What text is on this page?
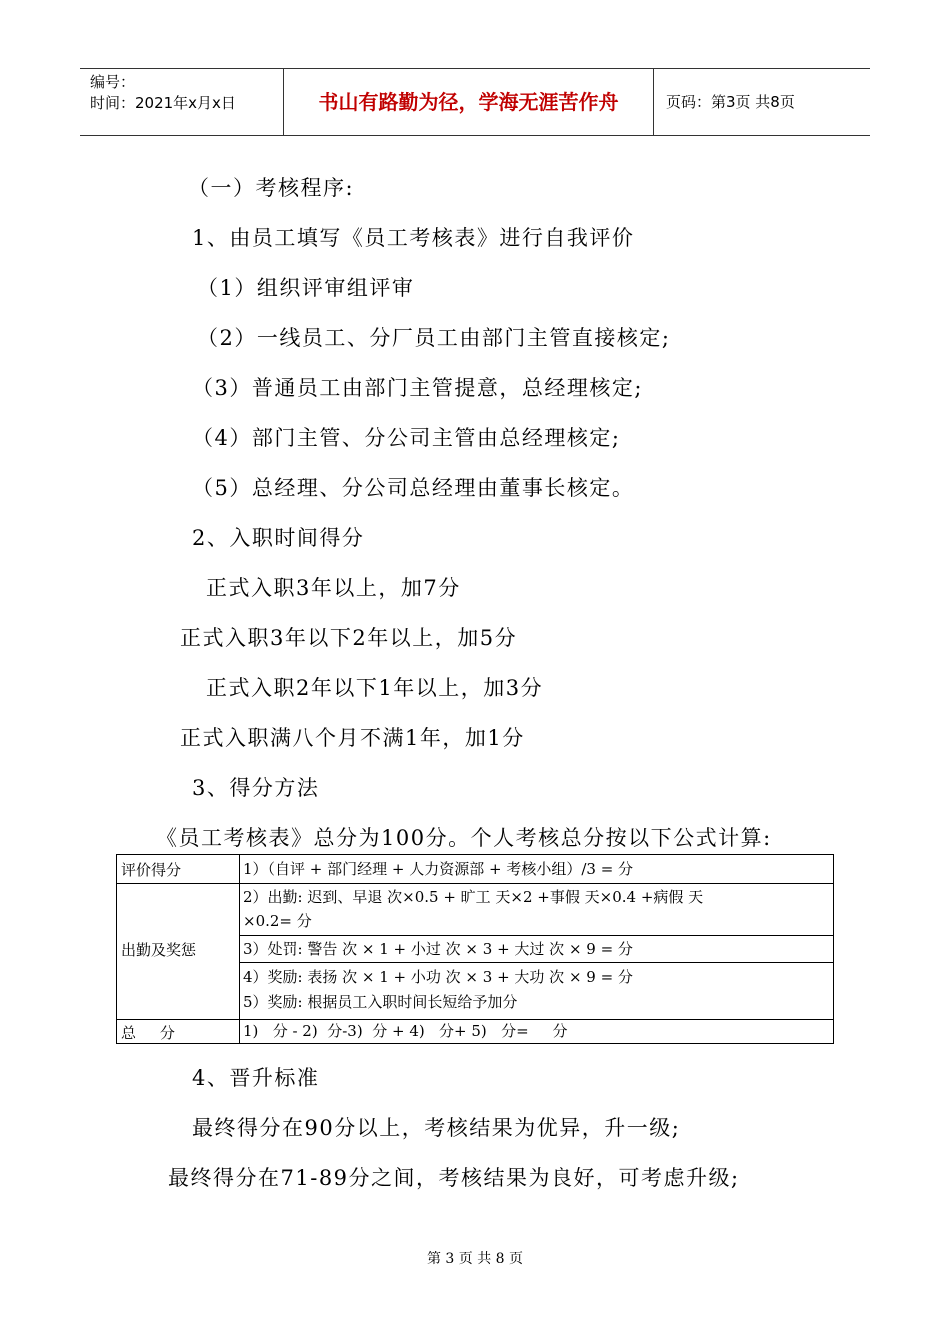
编号：
时间：2021年x月x日	书山有路勤为径，学海无涯苦作舟	页码：第3页 共8页
（一）考核程序:
1、由员工填写《员工考核表》进行自我评价
（1）组织评审组评审
（2）一线员工、分厂员工由部门主管直接核定;
（3）普通员工由部门主管提意，总经理核定;
（4）部门主管、分公司主管由总经理核定;
（5）总经理、分公司总经理由董事长核定。
2、入职时间得分
正式入职3年以上，加7分
正式入职3年以下2年以上，加5分
正式入职2年以下1年以上，加3分
正式入职满八个月不满1年，加1分
3、得分方法
《员工考核表》总分为100分。个人考核总分按以下公式计算:
评价得分	1）（自评 + 部门经理 + 人力资源部 + 考核小组）/3 = 分
出勤及奖惩
2）出勤: 迟到、早退 次×0.5 + 旷工 天×2 +事假 天×0.4 +病假 天
×0.2= 分
3）处罚: 警告 次 × 1 + 小过 次 × 3 + 大过 次 × 9 = 分
4）奖励: 表扬 次 × 1 + 小功 次 × 3 + 大功 次 × 9 = 分
5）奖励: 根据员工入职时间长短给予加分
总     分	1)   分 - 2)  分-3)  分 + 4)   分+ 5)   分=     分
4、晋升标准
最终得分在90分以上，考核结果为优异，升一级;
最终得分在71-89分之间，考核结果为良好，可考虑升级;
第 3 页 共 8 页
